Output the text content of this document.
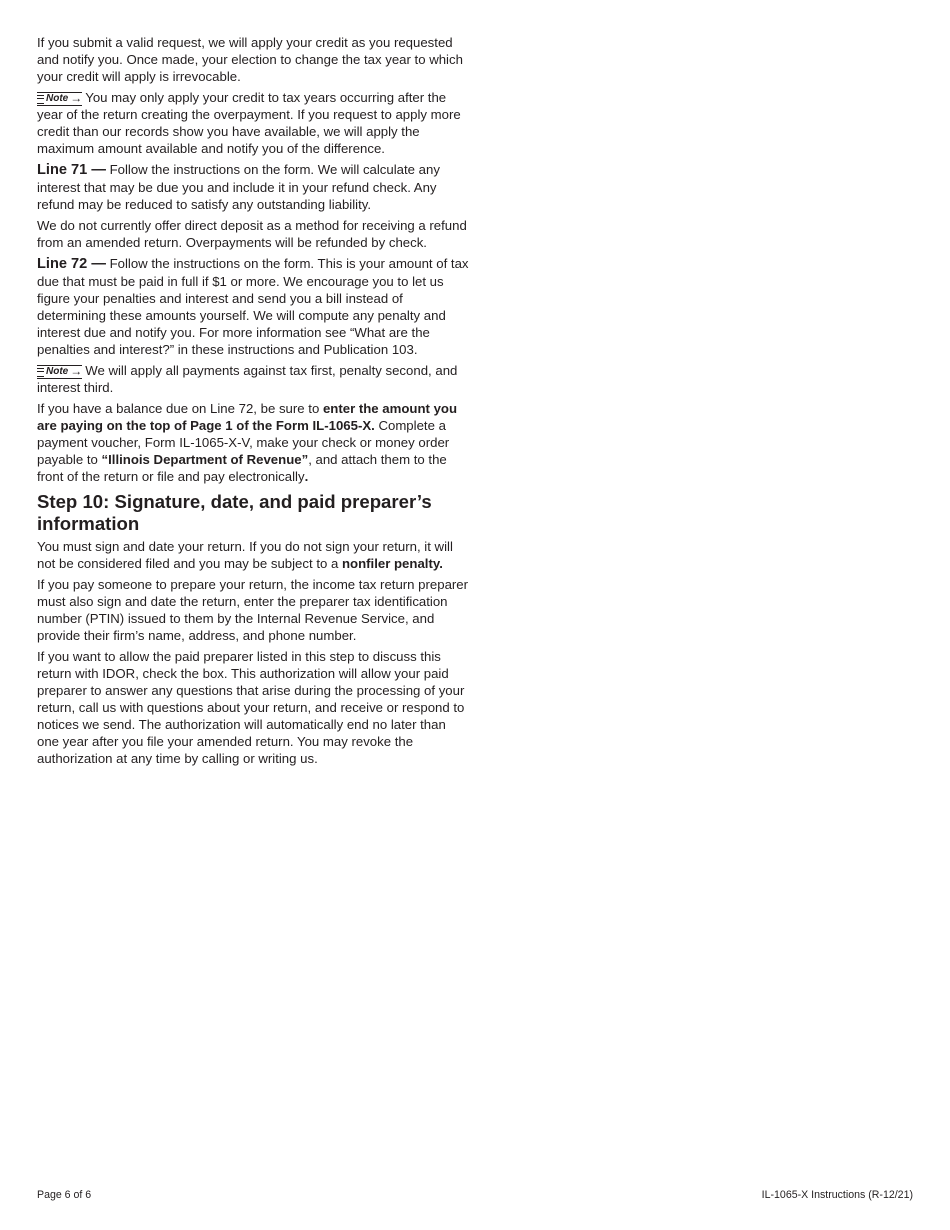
If you submit a valid request, we will apply your credit as you requested and notify you. Once made, your election to change the tax year to which your credit will apply is irrevocable.

Note → You may only apply your credit to tax years occurring after the year of the return creating the overpayment. If you request to apply more credit than our records show you have available, we will apply the maximum amount available and notify you of the difference.

Line 71 — Follow the instructions on the form. We will calculate any interest that may be due you and include it in your refund check. Any refund may be reduced to satisfy any outstanding liability.

We do not currently offer direct deposit as a method for receiving a refund from an amended return. Overpayments will be refunded by check.

Line 72 — Follow the instructions on the form. This is your amount of tax due that must be paid in full if $1 or more. We encourage you to let us figure your penalties and interest and send you a bill instead of determining these amounts yourself. We will compute any penalty and interest due and notify you. For more information see “What are the penalties and interest?” in these instructions and Publication 103.

Note → We will apply all payments against tax first, penalty second, and interest third.

If you have a balance due on Line 72, be sure to enter the amount you are paying on the top of Page 1 of the Form IL-1065-X. Complete a payment voucher, Form IL-1065-X-V, make your check or money order payable to “Illinois Department of Revenue”, and attach them to the front of the return or file and pay electronically.

Step 10: Signature, date, and paid preparer’s information

You must sign and date your return. If you do not sign your return, it will not be considered filed and you may be subject to a nonfiler penalty.

If you pay someone to prepare your return, the income tax return preparer must also sign and date the return, enter the preparer tax identification number (PTIN) issued to them by the Internal Revenue Service, and provide their firm’s name, address, and phone number.

If you want to allow the paid preparer listed in this step to discuss this return with IDOR, check the box. This authorization will allow your paid preparer to answer any questions that arise during the processing of your return, call us with questions about your return, and receive or respond to notices we send. The authorization will automatically end no later than one year after you file your amended return. You may revoke the authorization at any time by calling or writing us.

Page 6 of 6	IL-1065-X Instructions (R-12/21)
